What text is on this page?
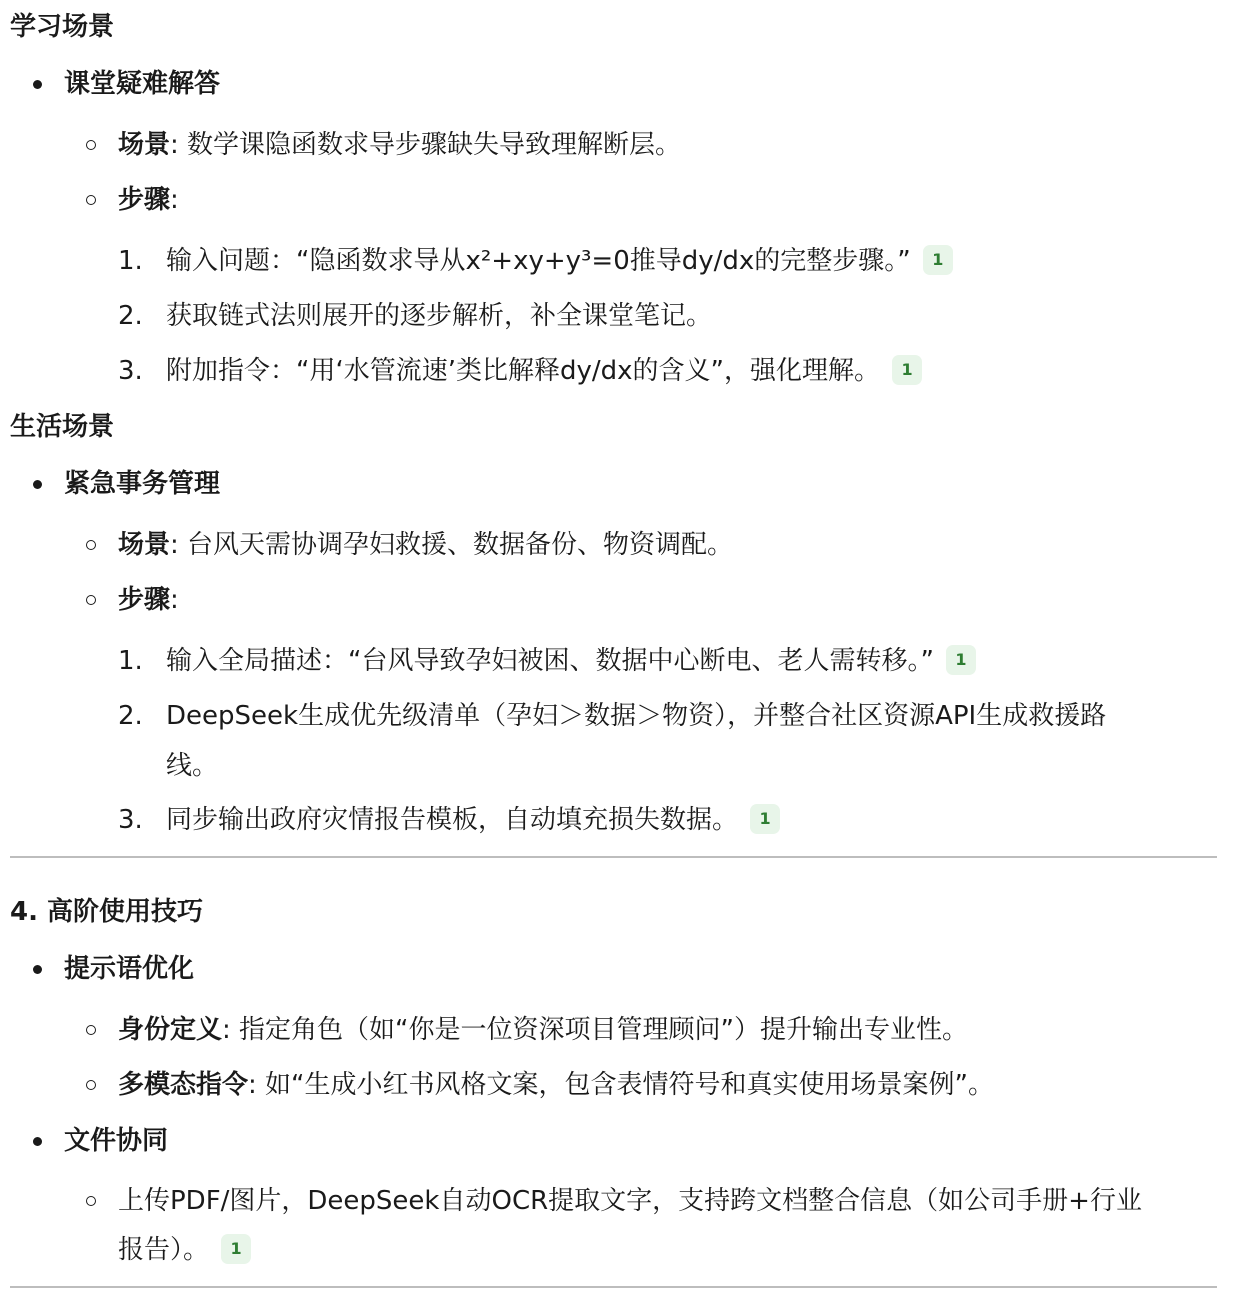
学习场景
课堂疑难解答
场景: 数学课隐函数求导步骤缺失导致理解断层。
步骤:
1. 输入问题：“隐函数求导从x²+xy+y³=0推导dy/dx的完整步骤。” 1
2. 获取链式法则展开的逐步解析，补全课堂笔记。
3. 附加指令：“用‘水管流速’类比解释dy/dx的含义”，强化理解。 1
生活场景
紧急事务管理
场景: 台风天需协调孕妇救援、数据备份、物资调配。
步骤:
1. 输入全局描述：“台风导致孕妇被困、数据中心断电、老人需转移。” 1
2. DeepSeek生成优先级清单（孕妇＞数据＞物资），并整合社区资源API生成救援路
线。
3. 同步输出政府灾情报告模板，自动填充损失数据。 1
4. 高阶使用技巧
提示语优化
身份定义: 指定角色（如“你是一位资深项目管理顾问”）提升输出专业性。
多模态指令: 如“生成小红书风格文案，包含表情符号和真实使用场景案例”。
文件协同
上传PDF/图片，DeepSeek自动OCR提取文字，支持跨文档整合信息（如公司手册+行业
报告）。 1
